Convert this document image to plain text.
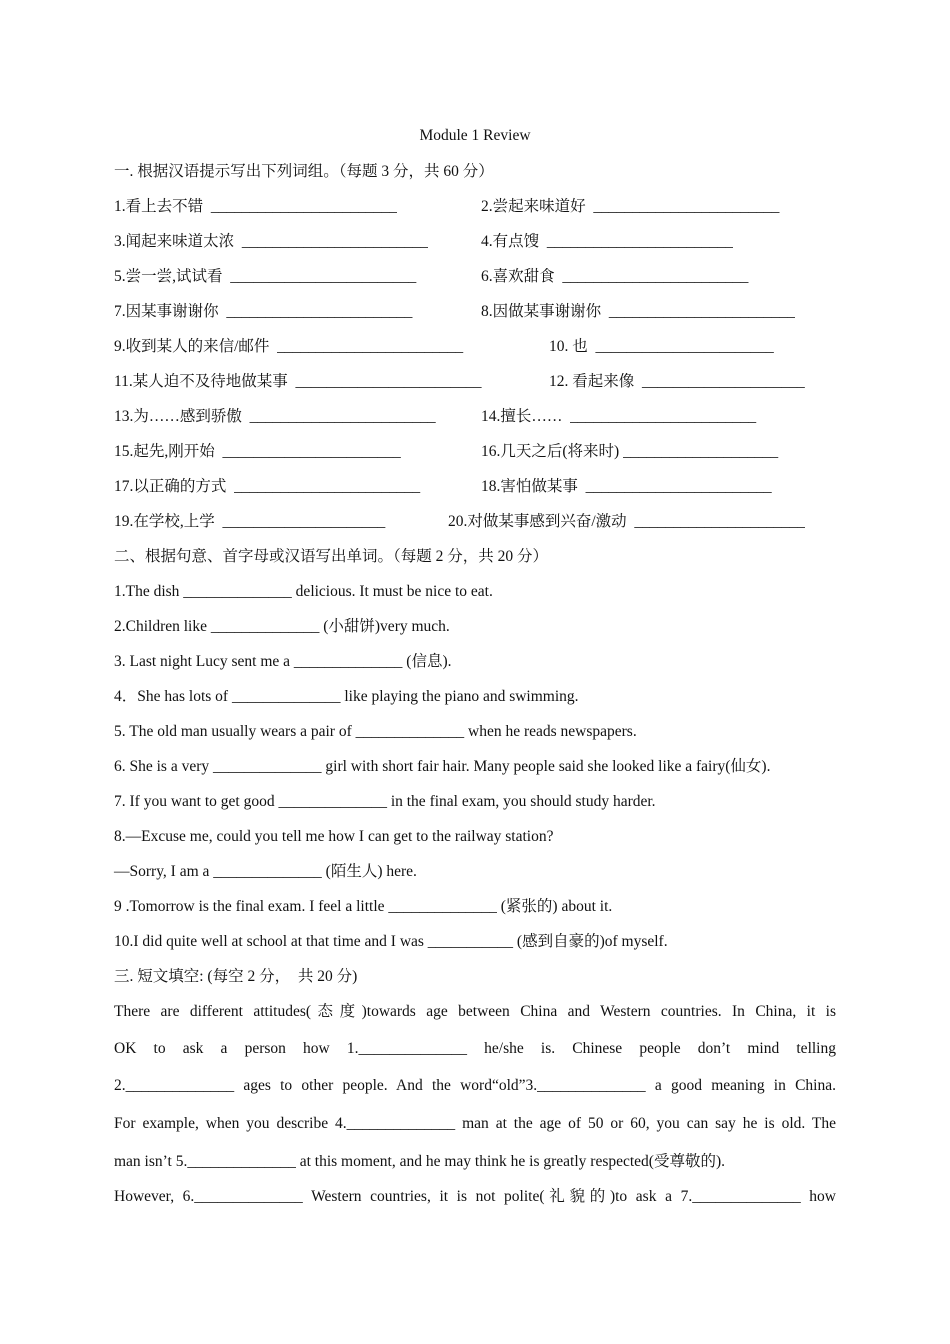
Module 1 Review
一. 根据汉语提示写出下列词组。（每题 3 分，共 60 分）
1.看上去不错  ________________________	2.尝起来味道好  ________________________
3.闻起来味道太浓  ________________________	4.有点馊  ________________________
5.尝一尝,试试看  ________________________	6.喜欢甜食  ________________________
7.因某事谢谢你  ________________________	8.因做某事谢谢你  ________________________
9.收到某人的来信/邮件  ________________________	10. 也  _______________________
11.某人迫不及待地做某事  ________________________	12. 看起来像  _____________________
13.为……感到骄傲  ________________________	14.擅长……  ________________________
15.起先,刚开始  _______________________	16.几天之后(将来时) ____________________
17.以正确的方式  ________________________	18.害怕做某事  ________________________
19.在学校,上学  _____________________	20.对做某事感到兴奋/激动  ______________________
二、根据句意、首字母或汉语写出单词。（每题 2 分，共 20 分）
1.The dish ______________ delicious. It must be nice to eat.
2.Children like ______________ (小甜饼)very much.
3. Last night Lucy sent me a ______________ (信息).
4．She has lots of ______________ like playing the piano and swimming.
5. The old man usually wears a pair of ______________ when he reads newspapers.
6. She is a very ______________ girl with short fair hair. Many people said she looked like a fairy(仙女).
7. If you want to get good ______________ in the final exam, you should study harder.
8.—Excuse me, could you tell me how I can get to the railway station?
—Sorry, I am a ______________ (陌生人) here.
9 .Tomorrow is the final exam. I feel a little ______________ (紧张的) about it.
10.I did quite well at school at that time and I was ___________ (感到自豪的)of myself.
三. 短文填空: (每空 2 分，  共 20 分)
There are different attitudes(态度)towards age between China and Western countries. In China, it is
OK to ask a person how 1.______________ he/she is. Chinese people don’t mind telling
2.______________ ages to other people. And the word“old”3.______________ a good meaning in China.
For example, when you describe 4.______________ man at the age of 50 or 60, you can say he is old. The
man isn’t 5.______________ at this moment, and he may think he is greatly respected(受尊敬的).
However, 6.______________ Western countries, it is not polite(礼貌的)to ask a 7.______________ how
